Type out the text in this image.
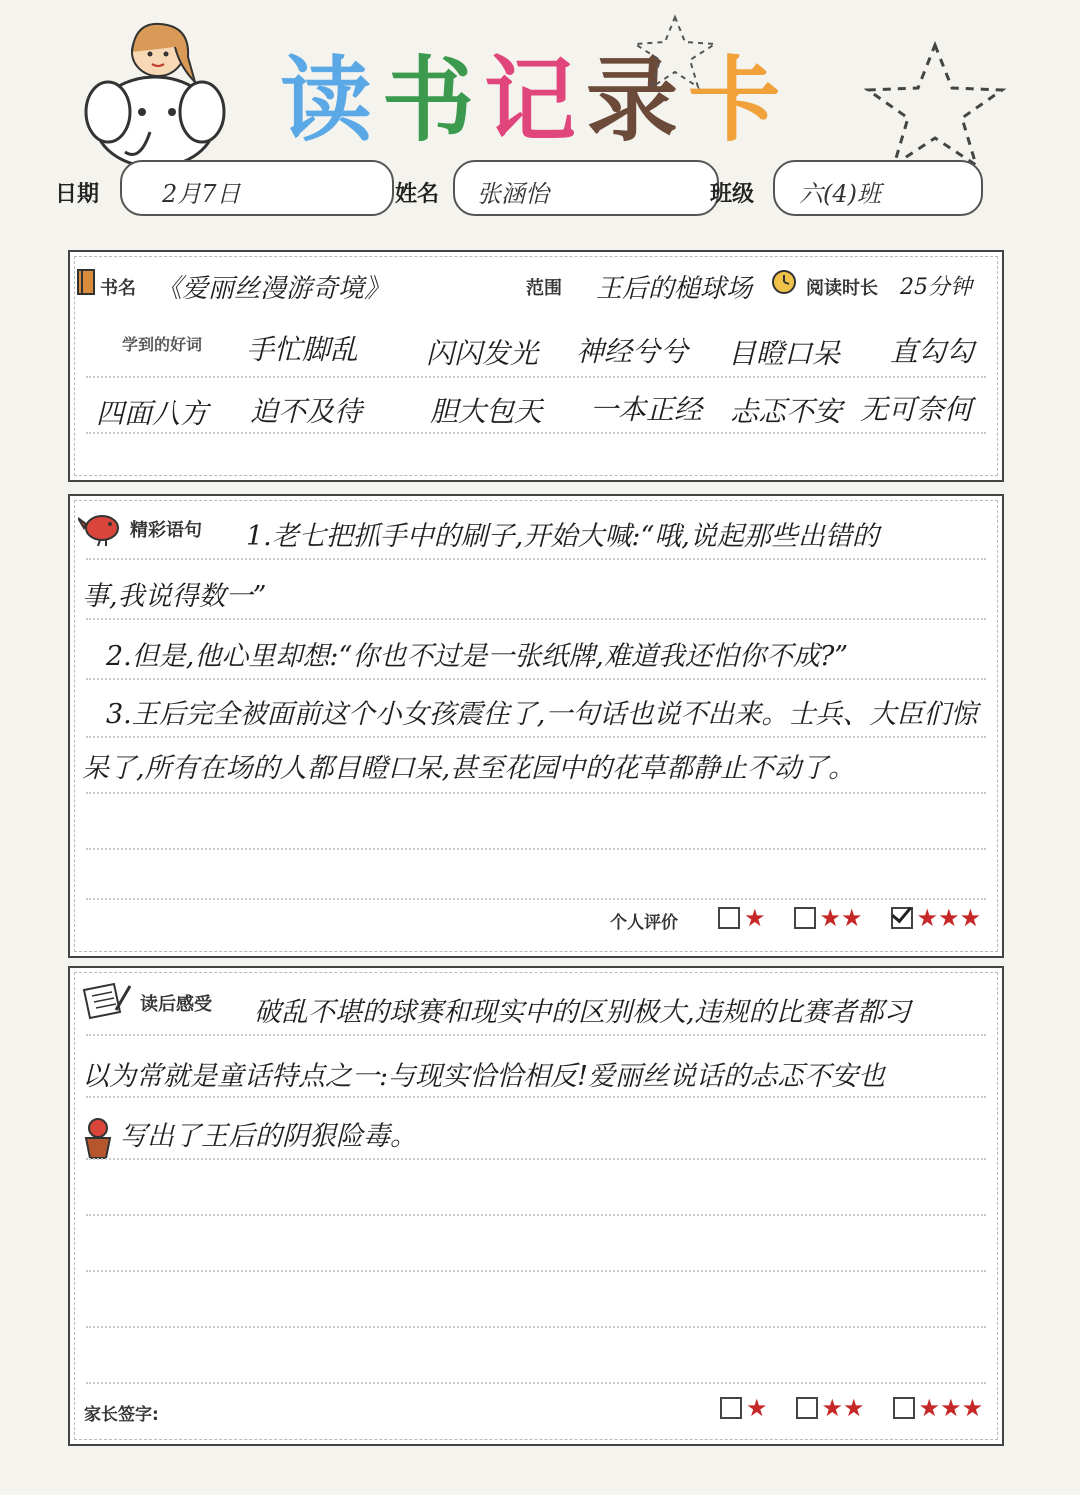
读 书 记 录 卡
日期	2月7日	姓名 张涵怡	班级 六(4)班
书名 《爱丽丝漫游奇境》	范围 王后的槌球场	阅读时长 25分钟
学到的好词 手忙脚乱 闪闪发光 神经兮兮 目瞪口呆 直勾勾
四面八方 迫不及待 胆大包天 一本正经 忐忑不安 无可奈何
精彩语句 1.老七把抓手中的刷子,开始大喊:“哦,说起那些出错的
事,我说得数一”
2.但是,他心里却想:“你也不过是一张纸牌,难道我还怕你不成?”
3.王后完全被面前这个小女孩震住了,一句话也说不出来。士兵、大臣们惊
呆了,所有在场的人都目瞪口呆,甚至花园中的花草都静止不动了。
个人评价	★ ★★ ★★★
读后感受 破乱不堪的球赛和现实中的区别极大,违规的比赛者都习
以为常就是童话特点之一:与现实恰恰相反!爱丽丝说话的忐忑不安也
写出了王后的阴狠险毒。
家长签字:	★ ★★ ★★★
